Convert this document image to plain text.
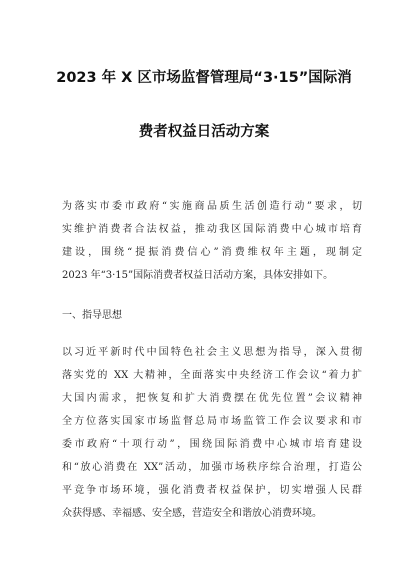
2023 年 X 区市场监督管理局“3·15”国际消
费者权益日活动方案
为落实市委市政府“实施商品质生活创造行动”要求，切
实维护消费者合法权益，推动我区国际消费中心城市培育
建设，围绕“提振消费信心”消费维权年主题，现制定
2023 年“3·15”国际消费者权益日活动方案，具体安排如下。
一、指导思想
以习近平新时代中国特色社会主义思想为指导，深入贯彻
落实党的 XX 大精神，全面落实中央经济工作会议“着力扩
大国内需求，把恢复和扩大消费摆在优先位置”会议精神
全方位落实国家市场监督总局市场监管工作会议要求和市
委市政府“十项行动”，围绕国际消费中心城市培育建设
和“放心消费在 XX”活动，加强市场秩序综合治理，打造公
平竞争市场环境，强化消费者权益保护，切实增强人民群
众获得感、幸福感、安全感，营造安全和谐放心消费环境。
